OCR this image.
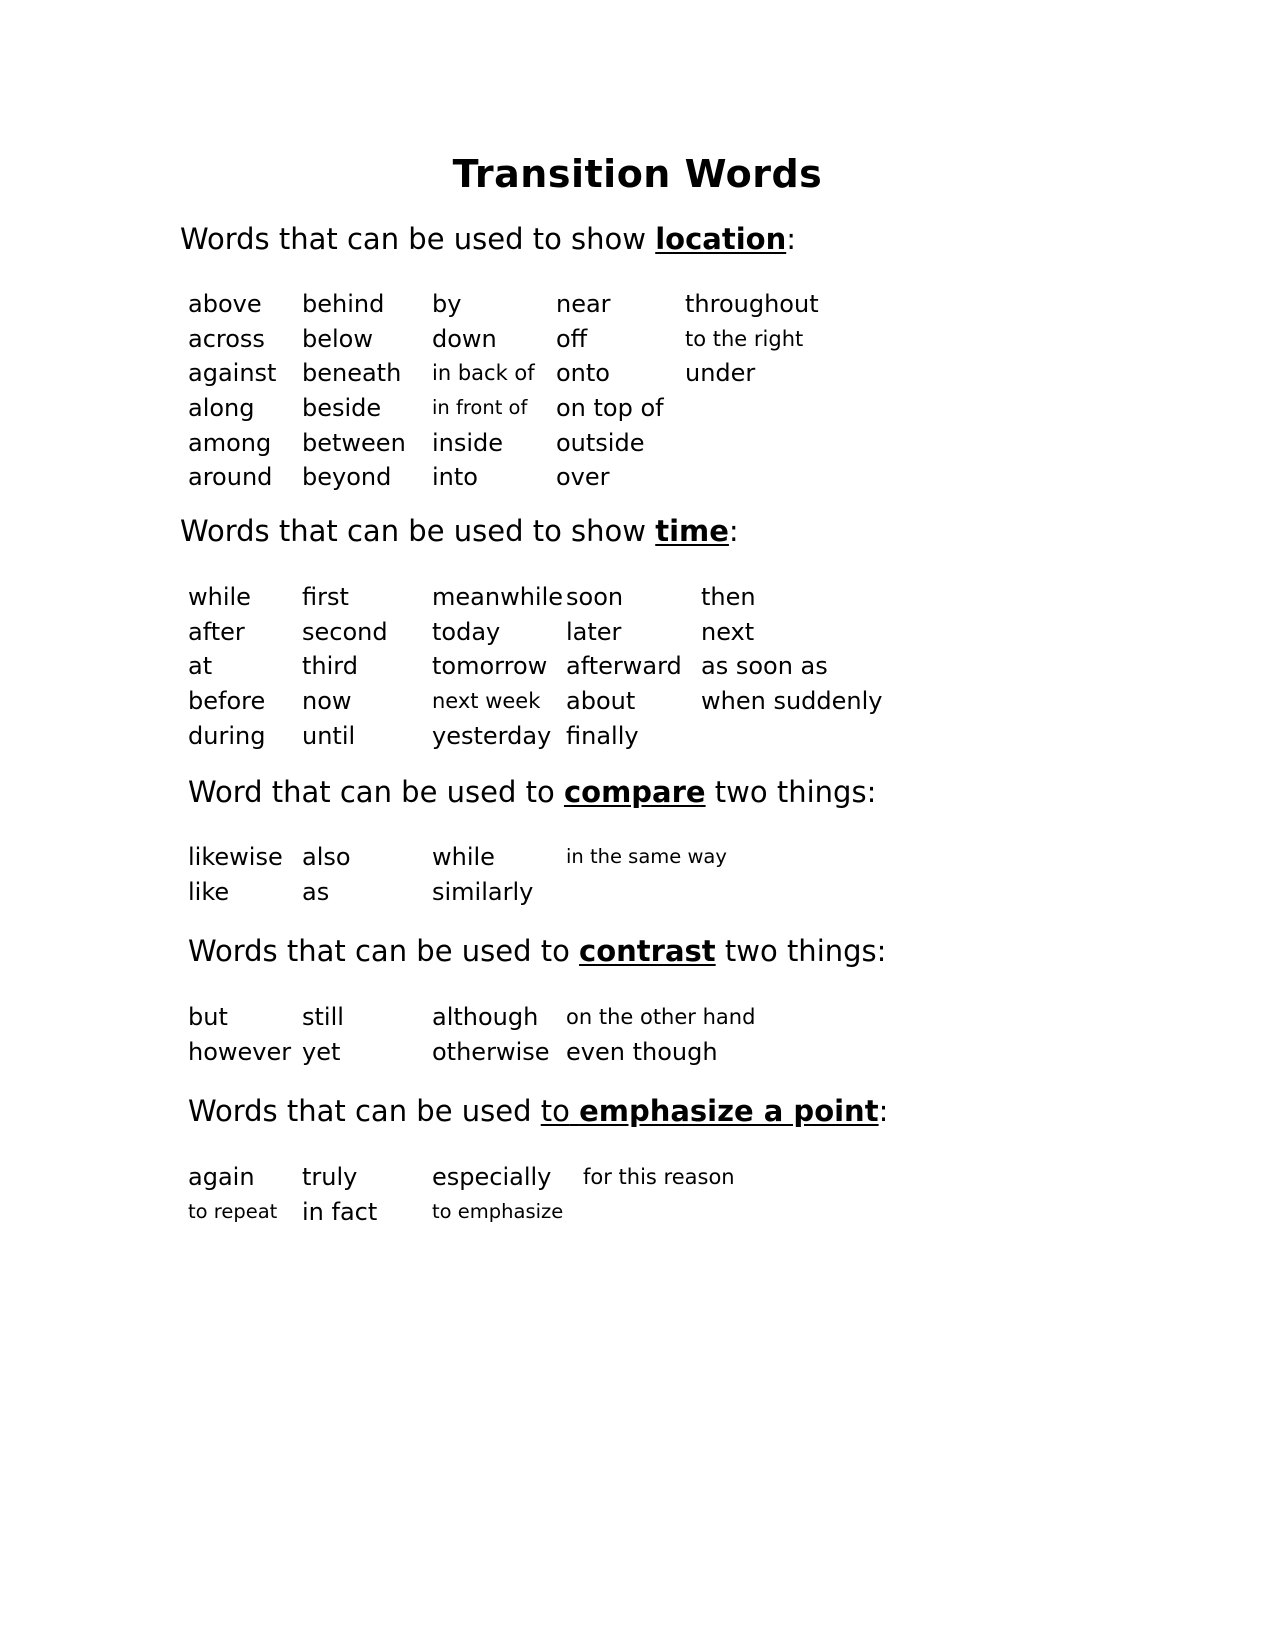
Transition Words
Words that can be used to show location:
above
across
against
along
among
around
behind
below
beneath
beside
between
beyond
by
down
in back of
in front of
inside
into
near
off
onto
on top of
outside
over
throughout
to the right
under
Words that can be used to show time:
while
after
at
before
during
first
second
third
now
until
meanwhile
today
tomorrow
next week
yesterday
soon
later
afterward
about
finally
then
next
as soon as
when suddenly
Word that can be used to compare two things:
likewise
like
also
as
while
similarly
in the same way
Words that can be used to contrast two things:
but
however
still
yet
although
otherwise
on the other hand
even though
Words that can be used to emphasize a point:
again
to repeat
truly
in fact
especially
to emphasize
for this reason
